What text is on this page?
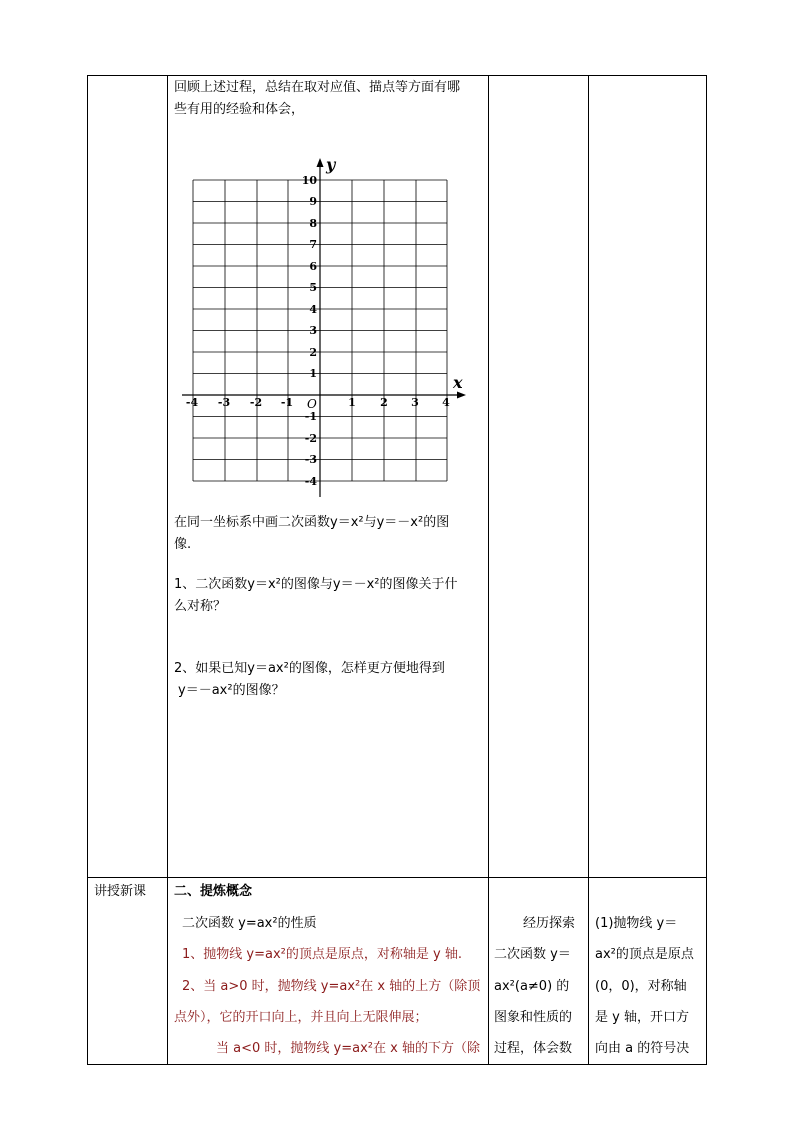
回顾上述过程，总结在取对应值、描点等方面有哪
些有用的经验和体会，
y
x
O
-4 -3 -2 -1	1 2 3 4
10
9
8
7
6
5
4
3
2
1
-1
-2
-3
-4
在同一坐标系中画二次函数y＝x²与y＝－x²的图
像.
1、二次函数y＝x²的图像与y＝－x²的图像关于什
么对称？
2、如果已知y＝ax²的图像，怎样更方便地得到
y＝－ax²的图像？
讲授新课 二、提炼概念
二次函数 y=ax²的性质
1、抛物线 y=ax²的顶点是原点，对称轴是 y 轴.
2、当 a>0 时，抛物线 y=ax²在 x 轴的上方（除顶
点外），它的开口向上，并且向上无限伸展；
当 a<0 时，抛物线 y=ax²在 x 轴的下方（除
经历探索
二次函数 y＝
ax²(a≠0) 的
图象和性质的
过程，体会数
(1)抛物线 y＝
ax²的顶点是原点
(0，0)，对称轴
是 y 轴，开口方
向由 a 的符号决
